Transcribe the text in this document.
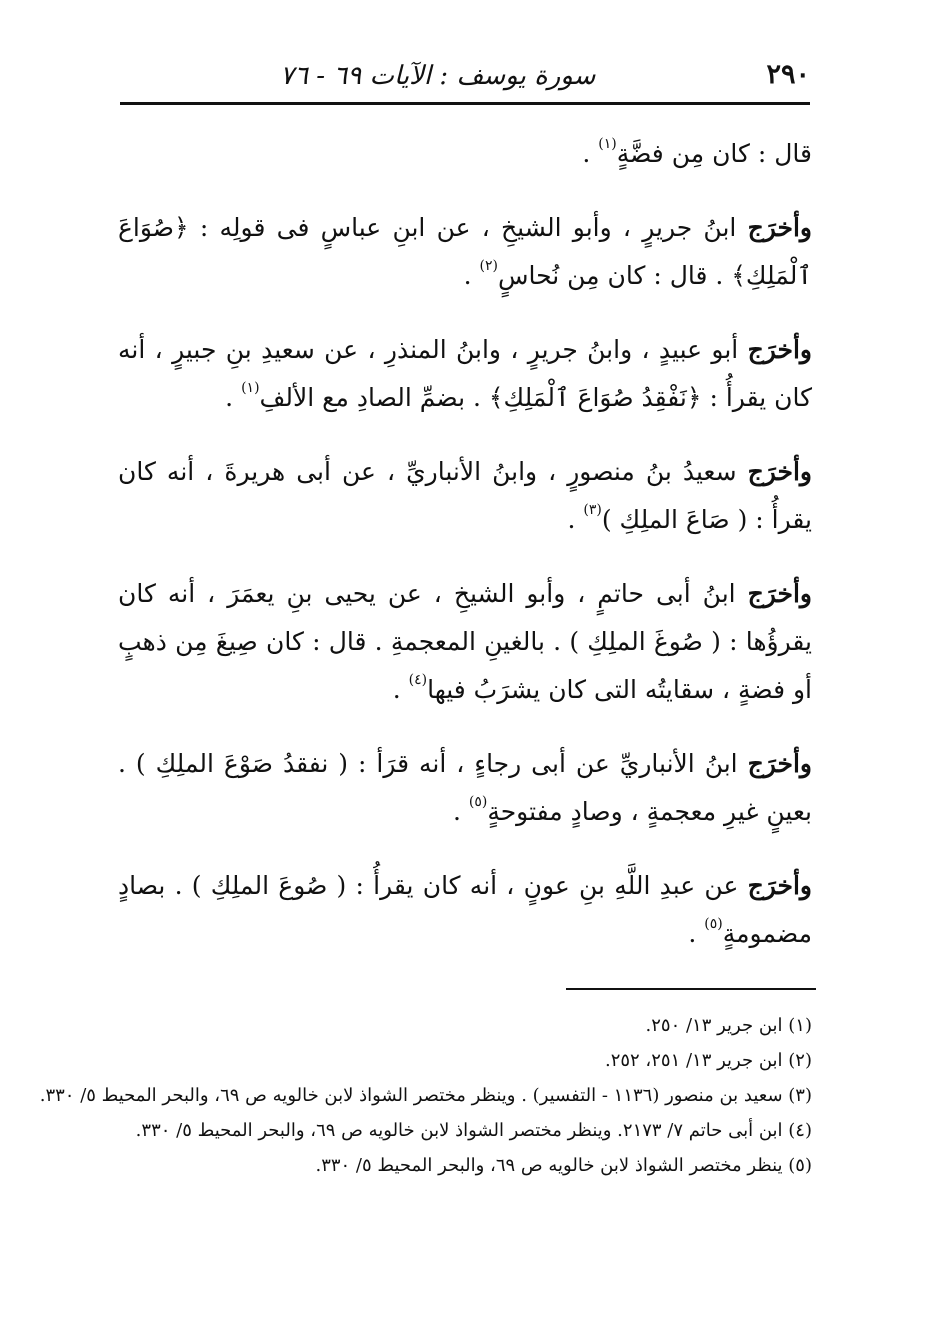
٢٩٠
سورة يوسف : الآيات ٦٩ - ٧٦

قال : كان مِن فضَّةٍ$^{(١)}$ .

وأخرَج ابنُ جريرٍ ، وأبو الشيخِ ، عن ابنِ عباسٍ فى قولِه : ﴿صُوَاعَ ٱلْمَلِكِ﴾ . قال : كان مِن نُحاسٍ$^{(٢)}$ .

وأخرَج أبو عبيدٍ ، وابنُ جريرٍ ، وابنُ المنذرِ ، عن سعيدِ بنِ جبيرٍ ، أنه كان يقرأُ : ﴿نَفْقِدُ صُوَاعَ ٱلْمَلِكِ﴾ . بضمِّ الصادِ مع الألفِ$^{(١)}$ .

وأخرَج سعيدُ بنُ منصورٍ ، وابنُ الأنباريِّ ، عن أبى هريرةَ ، أنه كان يقرأُ : ( صَاعَ الملِكِ )$^{(٣)}$ .

وأخرَج ابنُ أبى حاتمٍ ، وأبو الشيخِ ، عن يحيى بنِ يعمَرَ ، أنه كان يقرؤُها : ( صُوغَ الملِكِ ) . بالغينِ المعجمةِ . قال : كان صِيغَ مِن ذهبٍ أو فضةٍ ، سقايتُه التى كان يشرَبُ فيها$^{(٤)}$ .

وأخرَج ابنُ الأنباريِّ عن أبى رجاءٍ ، أنه قرَأ : ( نفقدُ صَوْعَ الملِكِ ) . بعينٍ غيرِ معجمةٍ ، وصادٍ مفتوحةٍ$^{(٥)}$ .

وأخرَج عن عبدِ اللَّهِ بنِ عونٍ ، أنه كان يقرأُ : ( صُوعَ الملِكِ ) . بصادٍ مضمومةٍ$^{(٥)}$ .

(١) ابن جرير ١٣/ ٢٥٠.
(٢) ابن جرير ١٣/ ٢٥١، ٢٥٢.
(٣) سعيد بن منصور (١١٣٦ - التفسير) . وينظر مختصر الشواذ لابن خالويه ص ٦٩، والبحر المحيط ٥/ ٣٣٠.
(٤) ابن أبى حاتم ٧/ ٢١٧٣. وينظر مختصر الشواذ لابن خالويه ص ٦٩، والبحر المحيط ٥/ ٣٣٠.
(٥) ينظر مختصر الشواذ لابن خالويه ص ٦٩، والبحر المحيط ٥/ ٣٣٠.
